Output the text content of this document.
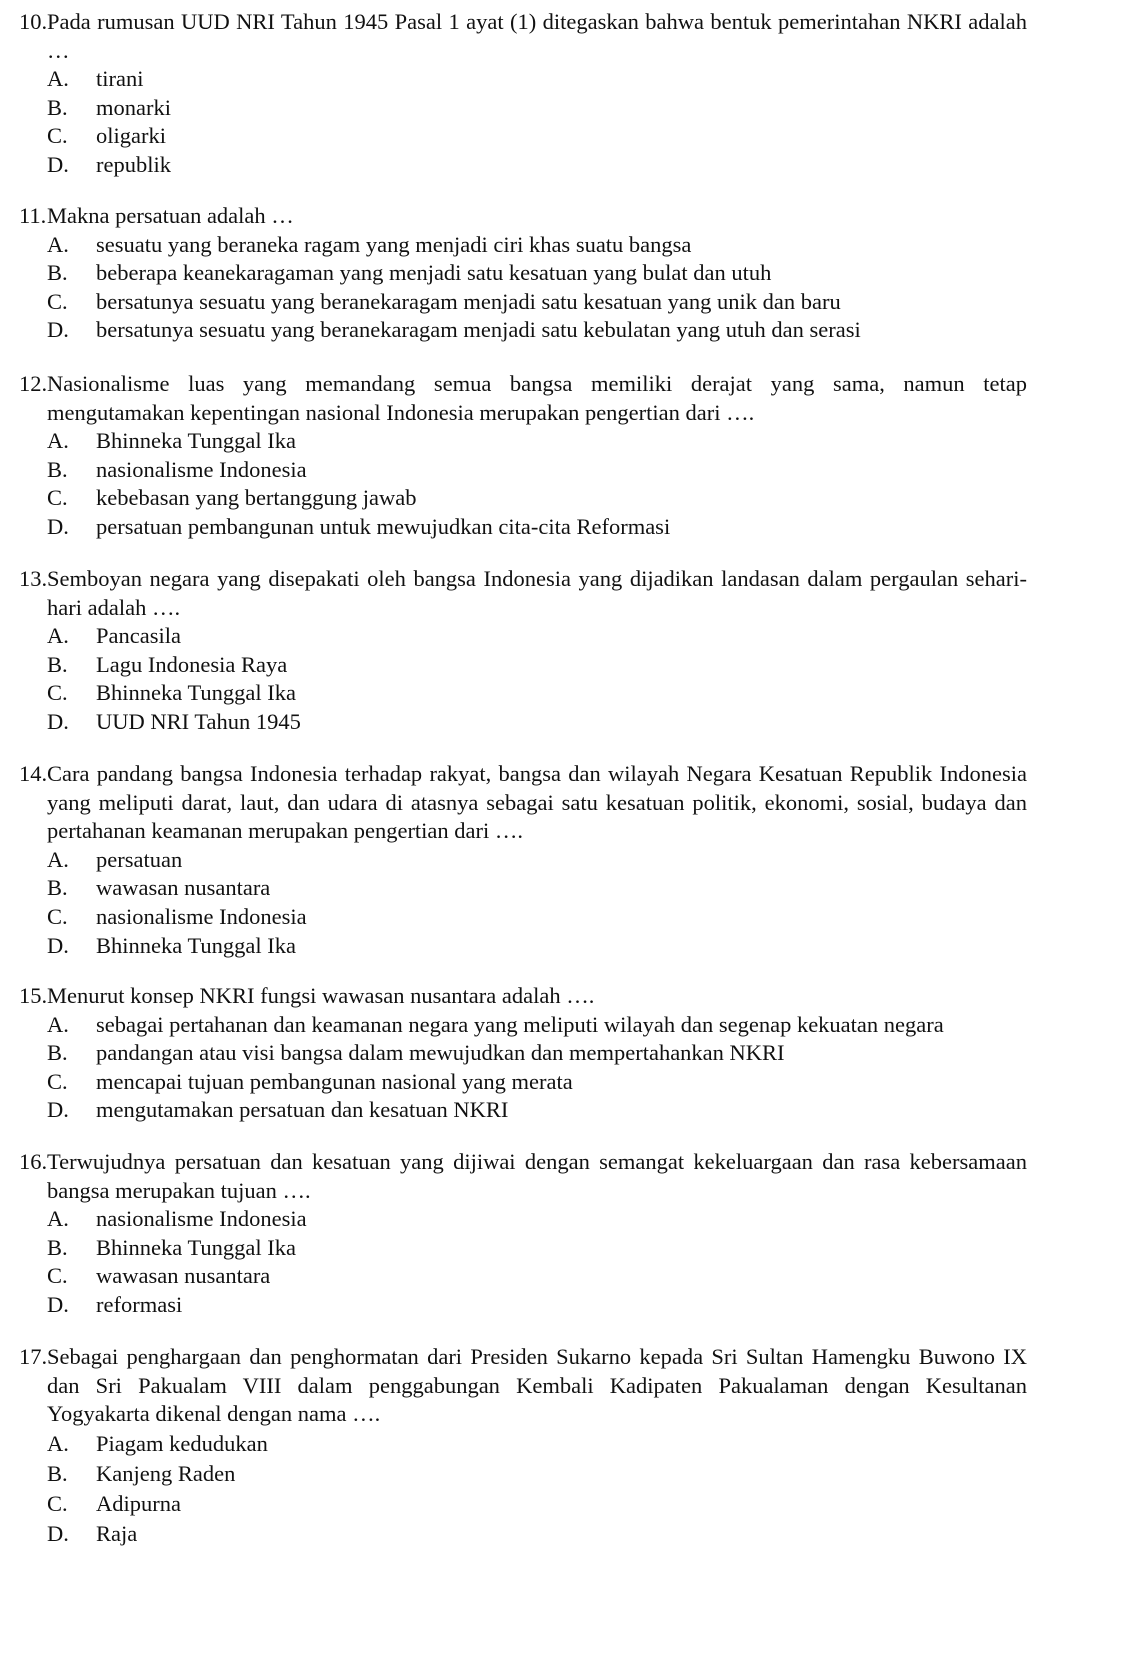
10. Pada rumusan UUD NRI Tahun 1945 Pasal 1 ayat (1) ditegaskan bahwa bentuk pemerintahan NKRI adalah …
A. tirani
B. monarki
C. oligarki
D. republik
11. Makna persatuan adalah …
A. sesuatu yang beraneka ragam yang menjadi ciri khas suatu bangsa
B. beberapa keanekaragaman yang menjadi satu kesatuan yang bulat dan utuh
C. bersatunya sesuatu yang beranekaragam menjadi satu kesatuan yang unik dan baru
D. bersatunya sesuatu yang beranekaragam menjadi satu kebulatan yang utuh dan serasi
12. Nasionalisme luas yang memandang semua bangsa memiliki derajat yang sama, namun tetap mengutamakan kepentingan nasional Indonesia merupakan pengertian dari ….
A. Bhinneka Tunggal Ika
B. nasionalisme Indonesia
C. kebebasan yang bertanggung jawab
D. persatuan pembangunan untuk mewujudkan cita-cita Reformasi
13. Semboyan negara yang disepakati oleh bangsa Indonesia yang dijadikan landasan dalam pergaulan sehari-hari adalah ….
A. Pancasila
B. Lagu Indonesia Raya
C. Bhinneka Tunggal Ika
D. UUD NRI Tahun 1945
14. Cara pandang bangsa Indonesia terhadap rakyat, bangsa dan wilayah Negara Kesatuan Republik Indonesia yang meliputi darat, laut, dan udara di atasnya sebagai satu kesatuan politik, ekonomi, sosial, budaya dan pertahanan keamanan merupakan pengertian dari ….
A. persatuan
B. wawasan nusantara
C. nasionalisme Indonesia
D. Bhinneka Tunggal Ika
15. Menurut konsep NKRI fungsi wawasan nusantara adalah ….
A. sebagai pertahanan dan keamanan negara yang meliputi wilayah dan segenap kekuatan negara
B. pandangan atau visi bangsa dalam mewujudkan dan mempertahankan NKRI
C. mencapai tujuan pembangunan nasional yang merata
D. mengutamakan persatuan dan kesatuan NKRI
16. Terwujudnya persatuan dan kesatuan yang dijiwai dengan semangat kekeluargaan dan rasa kebersamaan bangsa merupakan tujuan ….
A. nasionalisme Indonesia
B. Bhinneka Tunggal Ika
C. wawasan nusantara
D. reformasi
17. Sebagai penghargaan dan penghormatan dari Presiden Sukarno kepada Sri Sultan Hamengku Buwono IX dan Sri Pakualam VIII dalam penggabungan Kembali Kadipaten Pakualaman dengan Kesultanan Yogyakarta dikenal dengan nama ….
A. Piagam kedudukan
B. Kanjeng Raden
C. Adipurna
D. Raja
